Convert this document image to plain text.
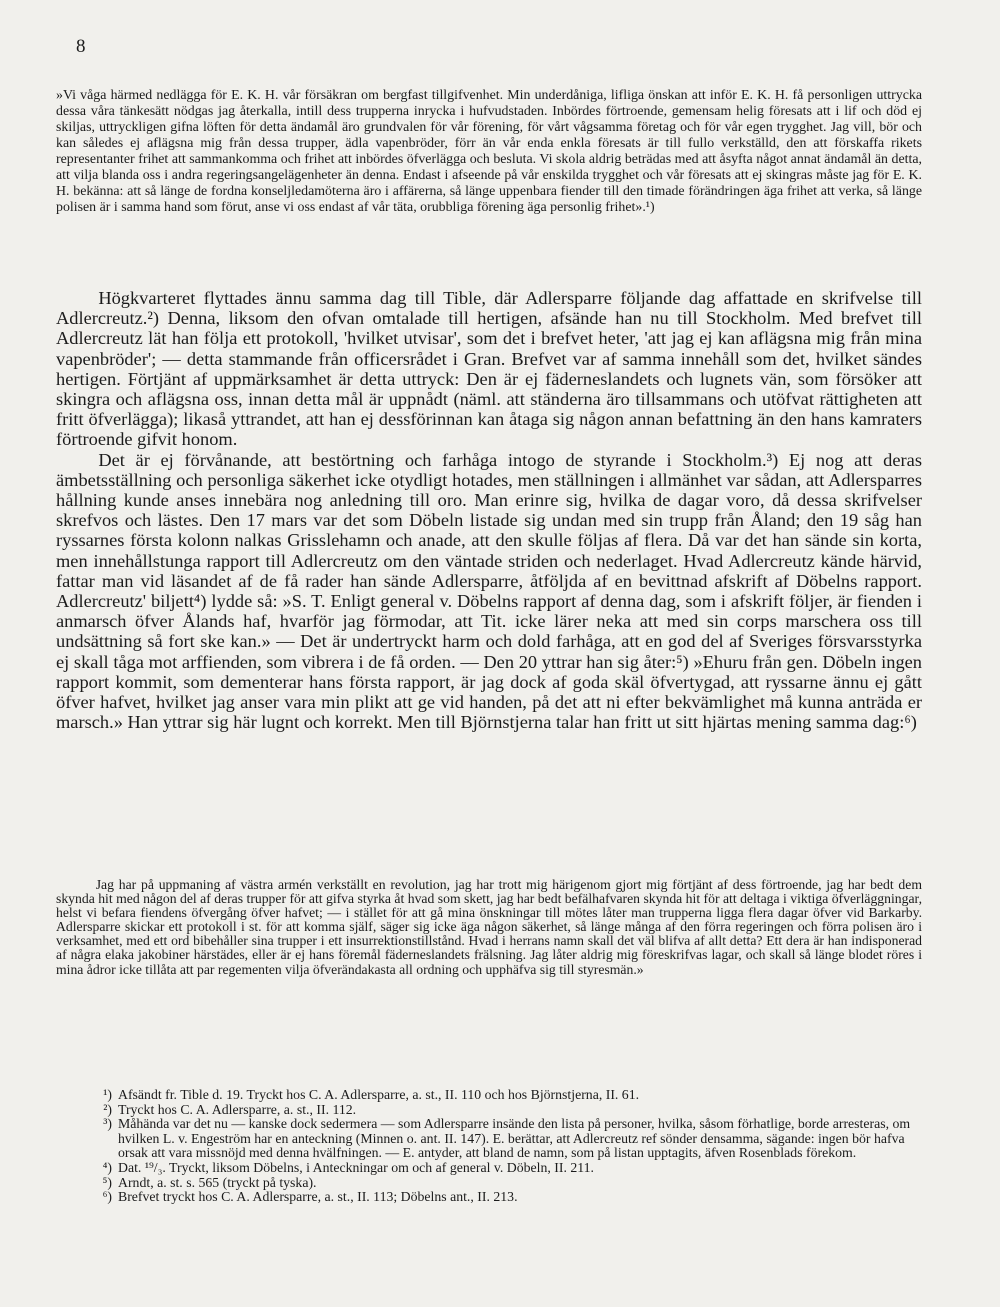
8

»Vi våga härmed nedlägga för E. K. H. vår försäkran om bergfast tillgifvenhet. Min underdåniga, lifliga önskan att inför E. K. H. få personligen uttrycka dessa våra tänkesätt nödgas jag återkalla, intill dess trupperna inrycka i hufvudstaden. Inbördes förtroende, gemensam helig föresats att i lif och död ej skiljas, uttryckligen gifna löften för detta ändamål äro grundvalen för vår förening, för vårt vågsamma företag och för vår egen trygghet. Jag vill, bör och kan således ej aflägsna mig från dessa trupper, ädla vapenbröder, förr än vår enda enkla föresats är till fullo verkställd, den att förskaffa rikets representanter frihet att sammankomma och frihet att inbördes öfverlägga och besluta. Vi skola aldrig beträdas med att åsyfta något annat ändamål än detta, att vilja blanda oss i andra regeringsangelägenheter än denna. Endast i afseende på vår enskilda trygghet och vår föresats att ej skingras måste jag för E. K. H. bekänna: att så länge de fordna konseljledamöterna äro i affärerna, så länge uppenbara fiender till den timade förändringen äga frihet att verka, så länge polisen är i samma hand som förut, anse vi oss endast af vår täta, orubbliga förening äga personlig frihet».¹)

Högkvarteret flyttades ännu samma dag till Tible, där Adlersparre följande dag affattade en skrifvelse till Adlercreutz.²) Denna, liksom den ofvan omtalade till hertigen, afsände han nu till Stockholm. Med brefvet till Adlercreutz lät han följa ett protokoll, 'hvilket utvisar', som det i brefvet heter, 'att jag ej kan aflägsna mig från mina vapenbröder'; — detta stammande från officersrådet i Gran. Brefvet var af samma innehåll som det, hvilket sändes hertigen. Förtjänt af uppmärksamhet är detta uttryck: Den är ej fäderneslandets och lugnets vän, som försöker att skingra och aflägsna oss, innan detta mål är uppnådt (näml. att ständerna äro tillsammans och utöfvat rättigheten att fritt öfverlägga); likaså yttrandet, att han ej dessförinnan kan åtaga sig någon annan befattning än den hans kamraters förtroende gifvit honom.

Det är ej förvånande, att bestörtning och farhåga intogo de styrande i Stockholm.³) Ej nog att deras ämbetsställning och personliga säkerhet icke otydligt hotades, men ställningen i allmänhet var sådan, att Adlersparres hållning kunde anses innebära nog anledning till oro. Man erinre sig, hvilka de dagar voro, då dessa skrifvelser skrefvos och lästes. Den 17 mars var det som Döbeln listade sig undan med sin trupp från Åland; den 19 såg han ryssarnes första kolonn nalkas Grisslehamn och anade, att den skulle följas af flera. Då var det han sände sin korta, men innehållstunga rapport till Adlercreutz om den väntade striden och nederlaget. Hvad Adlercreutz kände härvid, fattar man vid läsandet af de få rader han sände Adlersparre, åtföljda af en bevittnad afskrift af Döbelns rapport. Adlercreutz' biljett⁴) lydde så: »S. T. Enligt general v. Döbelns rapport af denna dag, som i afskrift följer, är fienden i anmarsch öfver Ålands haf, hvarför jag förmodar, att Tit. icke lärer neka att med sin corps marschera oss till undsättning så fort ske kan.» — Det är undertryckt harm och dold farhåga, att en god del af Sveriges försvarsstyrka ej skall tåga mot arffienden, som vibrera i de få orden. — Den 20 yttrar han sig åter:⁵) »Ehuru från gen. Döbeln ingen rapport kommit, som dementerar hans första rapport, är jag dock af goda skäl öfvertygad, att ryssarne ännu ej gått öfver hafvet, hvilket jag anser vara min plikt att ge vid handen, på det att ni efter bekvämlighet må kunna anträda er marsch.» Han yttrar sig här lugnt och korrekt. Men till Björnstjerna talar han fritt ut sitt hjärtas mening samma dag:⁶)

Jag har på uppmaning af västra armén verkställt en revolution, jag har trott mig härigenom gjort mig förtjänt af dess förtroende, jag har bedt dem skynda hit med någon del af deras trupper för att gifva styrka åt hvad som skett, jag har bedt befälhafvaren skynda hit för att deltaga i viktiga öfverläggningar, helst vi befara fiendens öfvergång öfver hafvet; — i stället för att gå mina önskningar till mötes låter man trupperna ligga flera dagar öfver vid Barkarby. Adlersparre skickar ett protokoll i st. för att komma själf, säger sig icke äga någon säkerhet, så länge många af den förra regeringen och förra polisen äro i verksamhet, med ett ord bibehåller sina trupper i ett insurrektionstillstånd. Hvad i herrans namn skall det väl blifva af allt detta? Ett dera är han indisponerad af några elaka jakobiner härstädes, eller är ej hans föremål fäderneslandets frälsning. Jag låter aldrig mig föreskrifvas lagar, och skall så länge blodet röres i mina ådror icke tillåta att par regementen vilja öfverändakasta all ordning och upphäfva sig till styresmän.»

¹) Afsändt fr. Tible d. 19. Tryckt hos C. A. Adlersparre, a. st., II. 110 och hos Björnstjerna, II. 61.
²) Tryckt hos C. A. Adlersparre, a. st., II. 112.
³) Måhända var det nu — kanske dock sedermera — som Adlersparre insände den lista på personer, hvilka, såsom förhatlige, borde arresteras, om hvilken L. v. Engeström har en anteckning (Minnen o. ant. II. 147). E. berättar, att Adlercreutz ref sönder densamma, sägande: ingen bör hafva orsak att vara missnöjd med denna hvälfningen. — E. antyder, att bland de namn, som på listan upptagits, äfven Rosenblads förekom.
⁴) Dat. ¹⁹/₃. Tryckt, liksom Döbelns, i Anteckningar om och af general v. Döbeln, II. 211.
⁵) Arndt, a. st. s. 565 (tryckt på tyska).
⁶) Brefvet tryckt hos C. A. Adlersparre, a. st., II. 113; Döbelns ant., II. 213.
